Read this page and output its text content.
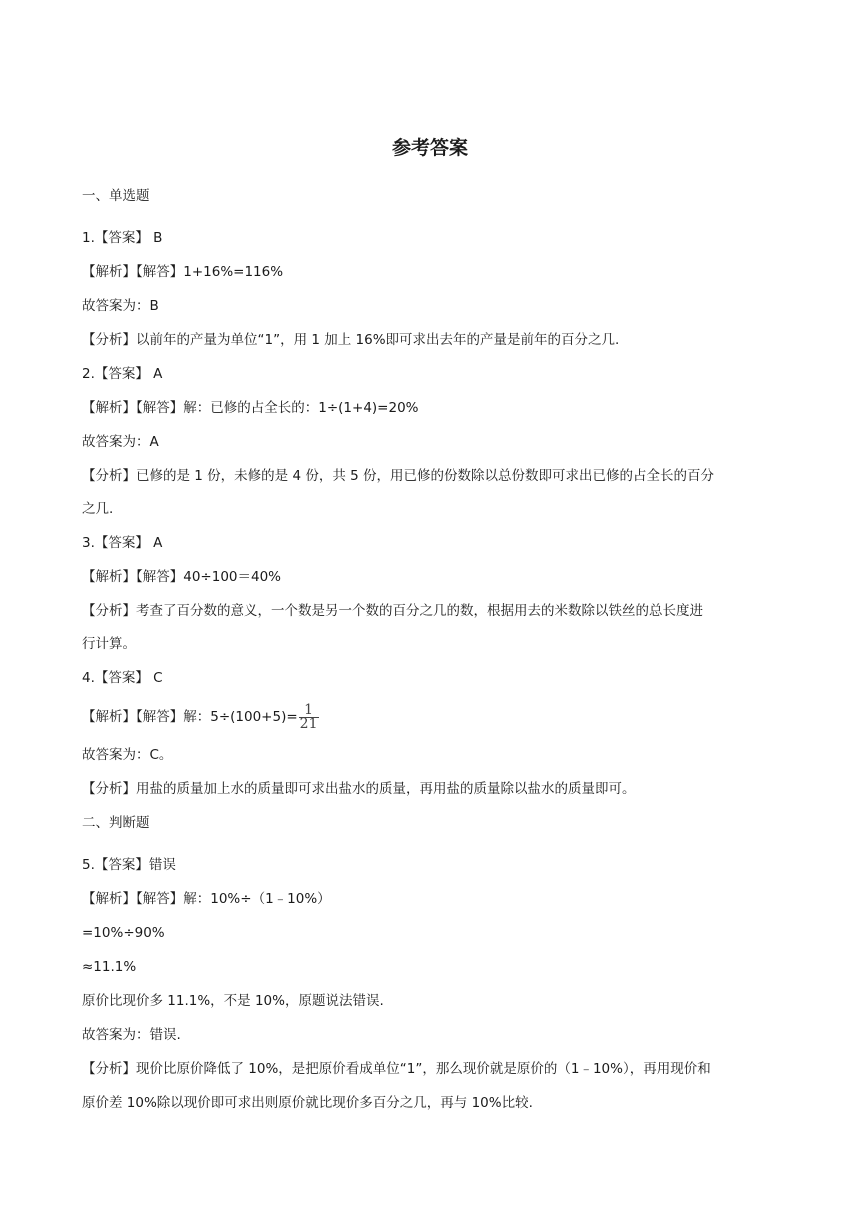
参考答案
一、单选题
1.【答案】 B
【解析】【解答】1+16%=116%
故答案为：B
【分析】以前年的产量为单位“1”，用 1 加上 16%即可求出去年的产量是前年的百分之几.
2.【答案】 A
【解析】【解答】解：已修的占全长的：1÷(1+4)=20%
故答案为：A
【分析】已修的是 1 份，未修的是 4 份，共 5 份，用已修的份数除以总份数即可求出已修的占全长的百分
之几.
3.【答案】 A
【解析】【解答】40÷100＝40%
【分析】考查了百分数的意义，一个数是另一个数的百分之几的数，根据用去的米数除以铁丝的总长度进
行计算。
4.【答案】 C
【解析】【解答】解：$5\div(100+5)= \frac{1}{21}$
故答案为：C。
【分析】用盐的质量加上水的质量即可求出盐水的质量，再用盐的质量除以盐水的质量即可。
二、判断题
5.【答案】错误
【解析】【解答】解：10%÷（1﹣10%）
=10%÷90%
≈11.1%
原价比现价多 11.1%，不是 10%，原题说法错误.
故答案为：错误.
【分析】现价比原价降低了 10%，是把原价看成单位“1”，那么现价就是原价的（1﹣10%），再用现价和
原价差 10%除以现价即可求出则原价就比现价多百分之几，再与 10%比较.
